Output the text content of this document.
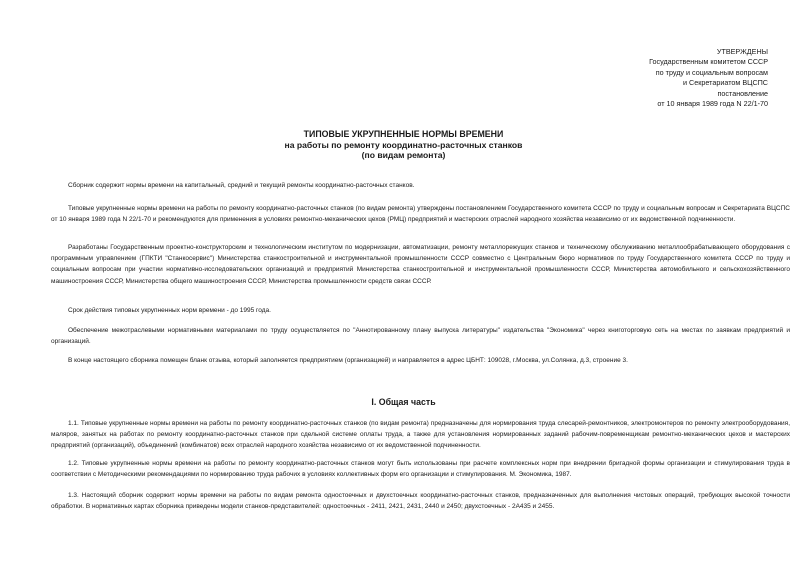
УТВЕРЖДЕНЫ
Государственным комитетом СССР
по труду и социальным вопросам
и Секретариатом ВЦСПС
постановление
от 10 января 1989 года N 22/1-70
ТИПОВЫЕ УКРУПНЕННЫЕ НОРМЫ ВРЕМЕНИ
на работы по ремонту координатно-расточных станков
(по видам ремонта)
Сборник содержит нормы времени на капитальный, средний и текущий ремонты координатно-расточных станков.
Типовые укрупненные нормы времени на работы по ремонту координатно-расточных станков (по видам ремонта) утверждены постановлением Государственного комитета СССР по труду и социальным вопросам и Секретариата ВЦСПС от 10 января 1989 года N 22/1-70 и рекомендуются для применения в условиях ремонтно-механических цехов (РМЦ) предприятий и мастерских отраслей народного хозяйства независимо от их ведомственной подчиненности.
Разработаны Государственным проектно-конструкторским и технологическим институтом по модернизации, автоматизации, ремонту металлорежущих станков и техническому обслуживанию металлообрабатывающего оборудования с программным управлением (ГПКТИ "Станкосервис") Министерства станкостроительной и инструментальной промышленности СССР совместно с Центральным бюро нормативов по труду Государственного комитета СССР по труду и социальным вопросам при участии нормативно-исследовательских организаций и предприятий Министерства станкостроительной и инструментальной промышленности СССР, Министерства автомобильного и сельскохозяйственного машиностроения СССР, Министерства общего машиностроения СССР, Министерства промышленности средств связи СССР.
Срок действия типовых укрупненных норм времени - до 1995 года.
Обеспечение межотраслевыми нормативными материалами по труду осуществляется по "Аннотированному плану выпуска литературы" издательства "Экономика" через книготорговую сеть на местах по заявкам предприятий и организаций.
В конце настоящего сборника помещен бланк отзыва, который заполняется предприятием (организацией) и направляется в адрес ЦБНТ: 109028, г.Москва, ул.Солянка, д.3, строение 3.
I. Общая часть
1.1. Типовые укрупненные нормы времени на работы по ремонту координатно-расточных станков (по видам ремонта) предназначены для нормирования труда слесарей-ремонтников, электромонтеров по ремонту электрооборудования, маляров, занятых на работах по ремонту координатно-расточных станков при сдельной системе оплаты труда, а также для установления нормированных заданий рабочим-повременщикам ремонтно-механических цехов и мастерских предприятий (организаций), объединений (комбинатов) всех отраслей народного хозяйства независимо от их ведомственной подчиненности.
1.2. Типовые укрупненные нормы времени на работы по ремонту координатно-расточных станков могут быть использованы при расчете комплексных норм при внедрении бригадной формы организации и стимулирования труда в соответствии с Методическими рекомендациями по нормированию труда рабочих в условиях коллективных форм его организации и стимулирования. М. Экономика, 1987.
1.3. Настоящий сборник содержит нормы времени на работы по видам ремонта одностоечных и двухстоечных координатно-расточных станков, предназначенных для выполнения чистовых операций, требующих высокой точности обработки. В нормативных картах сборника приведены модели станков-представителей: одностоечных - 2411, 2421, 2431, 2440 и 2450; двухстоечных - 2А435 и 2455.
